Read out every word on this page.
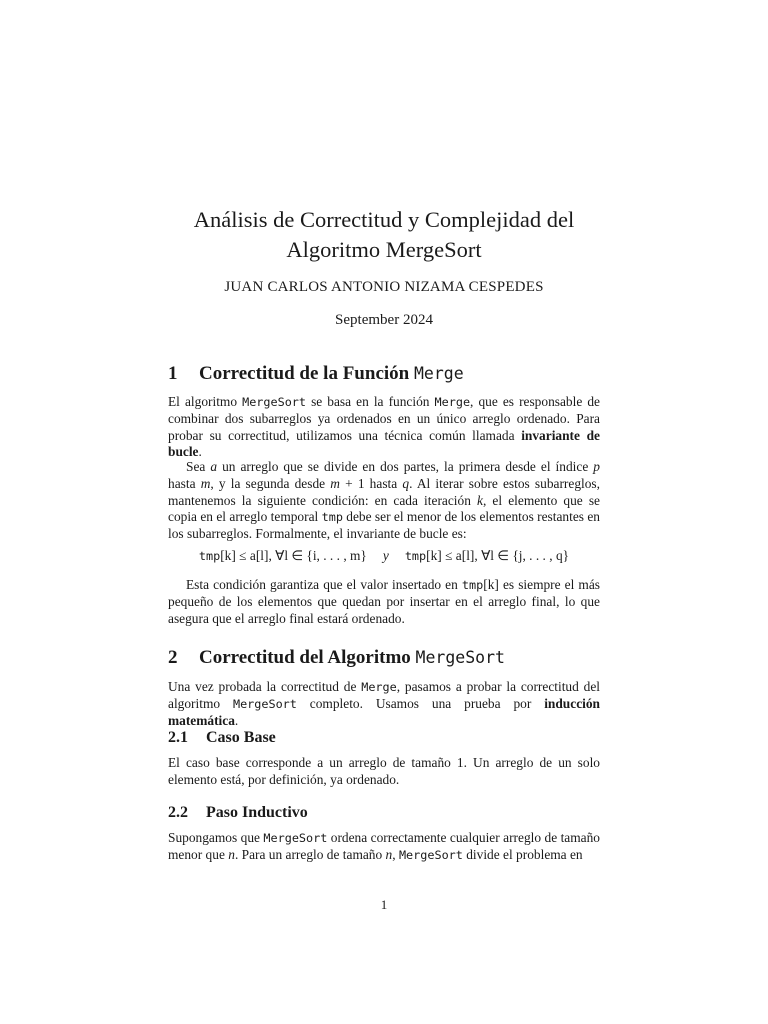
Análisis de Correctitud y Complejidad del
Algoritmo MergeSort
JUAN CARLOS ANTONIO NIZAMA CESPEDES
September 2024
1 Correctitud de la Función Merge
El algoritmo MergeSort se basa en la función Merge, que es responsable de combinar dos subarreglos ya ordenados en un único arreglo ordenado. Para probar su correctitud, utilizamos una técnica común llamada invariante de bucle.
Sea a un arreglo que se divide en dos partes, la primera desde el índice p hasta m, y la segunda desde m + 1 hasta q. Al iterar sobre estos subarreglos, mantenemos la siguiente condición: en cada iteración k, el elemento que se copia en el arreglo temporal tmp debe ser el menor de los elementos restantes en los subarreglos. Formalmente, el invariante de bucle es:
tmp[k] ≤ a[l], ∀l ∈ {i, . . . , m} y tmp[k] ≤ a[l], ∀l ∈ {j, . . . , q}
Esta condición garantiza que el valor insertado en tmp[k] es siempre el más pequeño de los elementos que quedan por insertar en el arreglo final, lo que asegura que el arreglo final estará ordenado.
2 Correctitud del Algoritmo MergeSort
Una vez probada la correctitud de Merge, pasamos a probar la correctitud del algoritmo MergeSort completo. Usamos una prueba por inducción matemática.
2.1 Caso Base
El caso base corresponde a un arreglo de tamaño 1. Un arreglo de un solo elemento está, por definición, ya ordenado.
2.2 Paso Inductivo
Supongamos que MergeSort ordena correctamente cualquier arreglo de tamaño menor que n. Para un arreglo de tamaño n, MergeSort divide el problema en
1
